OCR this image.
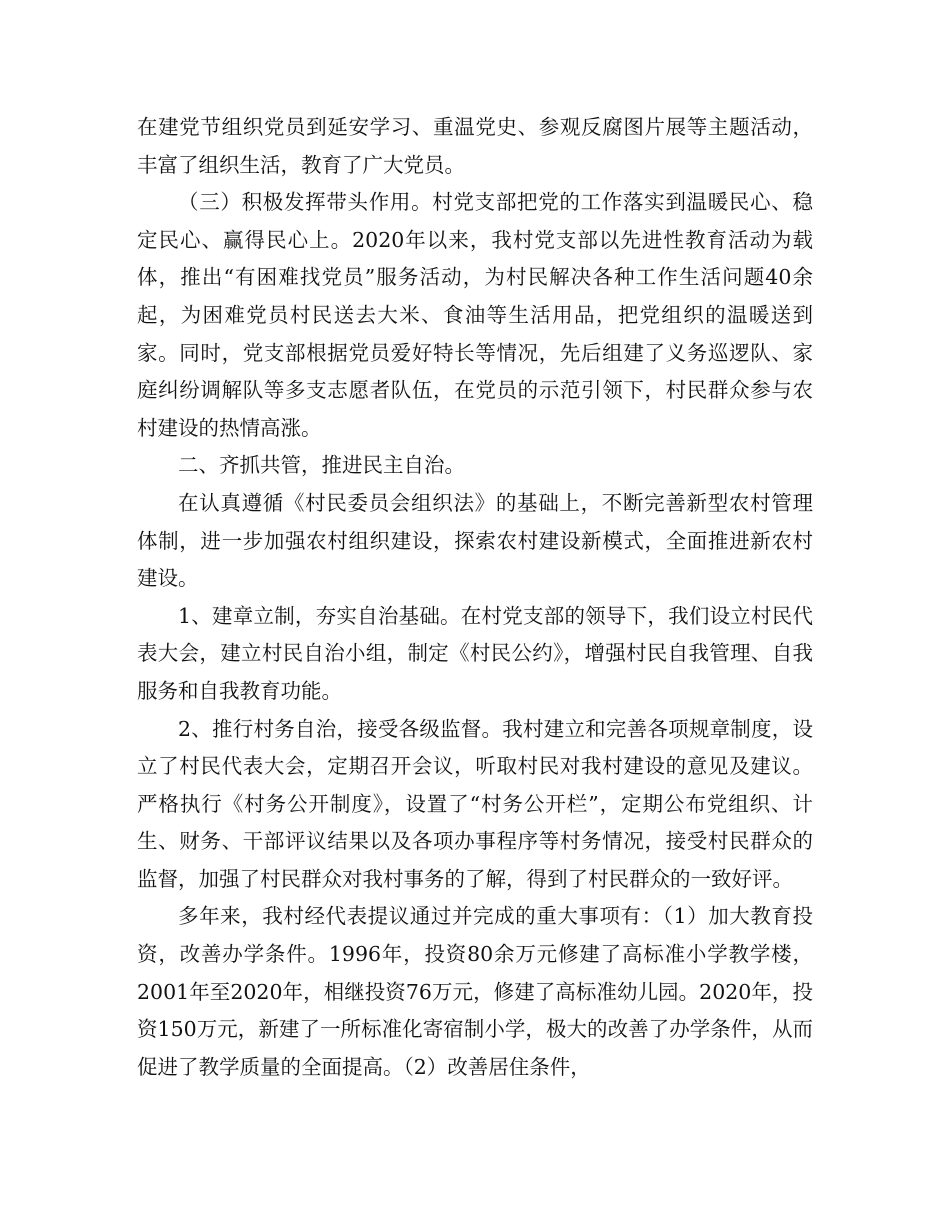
在建党节组织党员到延安学习、重温党史、参观反腐图片展等主题活动，丰富了组织生活，教育了广大党员。

（三）积极发挥带头作用。村党支部把党的工作落实到温暖民心、稳定民心、赢得民心上。2020年以来，我村党支部以先进性教育活动为载体，推出“有困难找党员”服务活动，为村民解决各种工作生活问题40余起，为困难党员村民送去大米、食油等生活用品，把党组织的温暖送到家。同时，党支部根据党员爱好特长等情况，先后组建了义务巡逻队、家庭纠纷调解队等多支志愿者队伍，在党员的示范引领下，村民群众参与农村建设的热情高涨。

二、齐抓共管，推进民主自治。

在认真遵循《村民委员会组织法》的基础上，不断完善新型农村管理体制，进一步加强农村组织建设，探索农村建设新模式，全面推进新农村建设。

1、建章立制，夯实自治基础。在村党支部的领导下，我们设立村民代表大会，建立村民自治小组，制定《村民公约》，增强村民自我管理、自我服务和自我教育功能。

2、推行村务自治，接受各级监督。我村建立和完善各项规章制度，设立了村民代表大会，定期召开会议，听取村民对我村建设的意见及建议。严格执行《村务公开制度》，设置了“村务公开栏”，定期公布党组织、计生、财务、干部评议结果以及各项办事程序等村务情况，接受村民群众的监督，加强了村民群众对我村事务的了解，得到了村民群众的一致好评。

多年来，我村经代表提议通过并完成的重大事项有：（1）加大教育投资，改善办学条件。1996年，投资80余万元修建了高标准小学教学楼，2001年至2020年，相继投资76万元，修建了高标准幼儿园。2020年，投资150万元，新建了一所标准化寄宿制小学，极大的改善了办学条件，从而促进了教学质量的全面提高。（2）改善居住条件，
